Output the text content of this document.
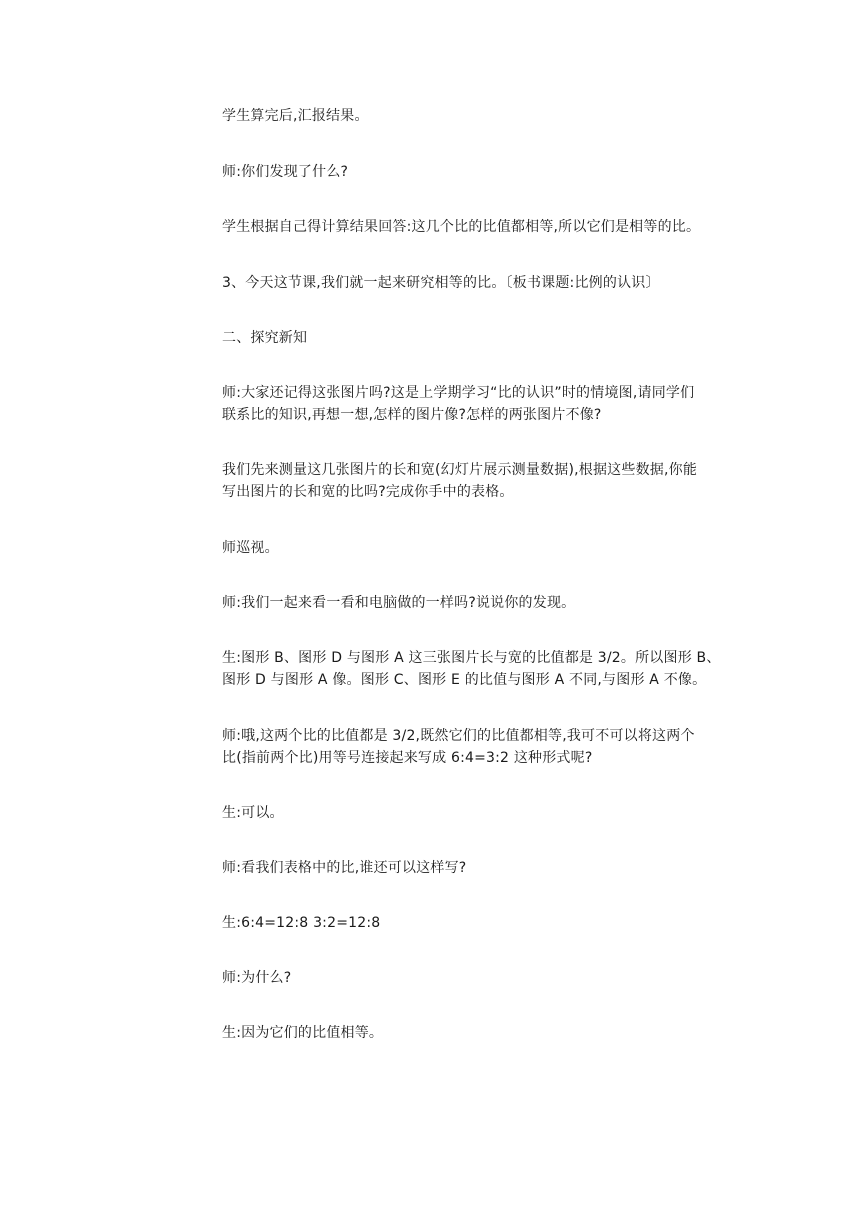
学生算完后,汇报结果。

师:你们发现了什么?

学生根据自己得计算结果回答:这几个比的比值都相等,所以它们是相等的比。

3、今天这节课,我们就一起来研究相等的比。〔板书课题:比例的认识〕

二、探究新知

师:大家还记得这张图片吗?这是上学期学习“比的认识”时的情境图,请同学们
联系比的知识,再想一想,怎样的图片像?怎样的两张图片不像?

我们先来测量这几张图片的长和宽(幻灯片展示测量数据),根据这些数据,你能
写出图片的长和宽的比吗?完成你手中的表格。

师巡视。

师:我们一起来看一看和电脑做的一样吗?说说你的发现。

生:图形 B、图形 D 与图形 A 这三张图片长与宽的比值都是 3/2。所以图形 B、
图形 D 与图形 A 像。图形 C、图形 E 的比值与图形 A 不同,与图形 A 不像。

师:哦,这两个比的比值都是 3/2,既然它们的比值都相等,我可不可以将这两个
比(指前两个比)用等号连接起来写成 6:4=3:2 这种形式呢?

生:可以。

师:看我们表格中的比,谁还可以这样写?

生:6:4=12:8 3:2=12:8

师:为什么?

生:因为它们的比值相等。
